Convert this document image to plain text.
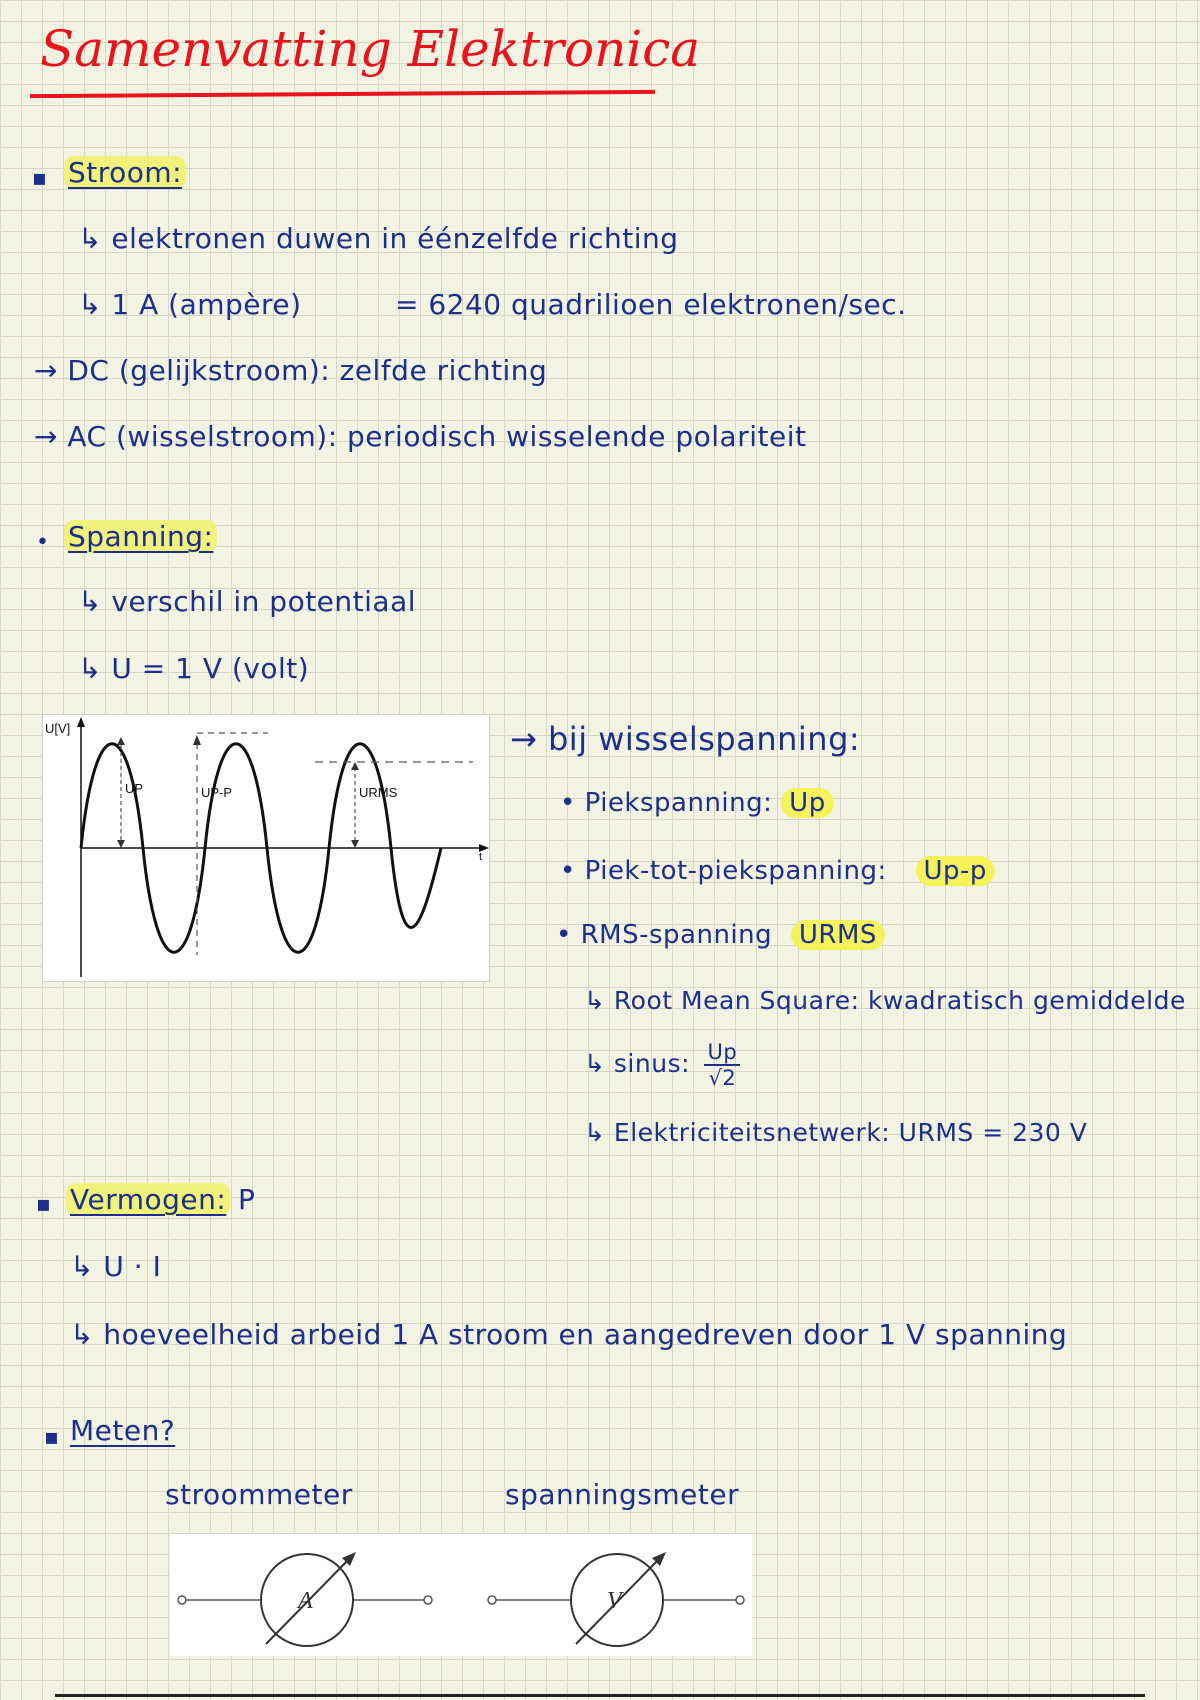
Samenvatting Elektronica
▪ Stroom:
↳ elektronen duwen in éénzelfde richting
↳ 1 A (ampère)	= 6240 quadrilioen elektronen/sec.
→ DC (gelijkstroom): zelfde richting
→ AC (wisselstroom): periodisch wisselende polariteit
• Spanning:
↳ verschil in potentiaal
↳ U = 1 V (volt)
U[V]
UP	UP-P	URMS
t
→ bij wisselspanning:
• Piekspanning: Up
• Piek-tot-piekspanning: Up-p
• RMS-spanning URMS
↳ Root Mean Square: kwadratisch gemiddelde
↳ sinus: $\frac{Up}{√2}$
↳ Elektriciteitsnetwerk: URMS = 230 V
▪ Vermogen: P
↳ U · I
↳ hoeveelheid arbeid 1 A stroom en aangedreven door 1 V spanning
▪ Meten?
stroommeter	spanningsmeter
A	V
